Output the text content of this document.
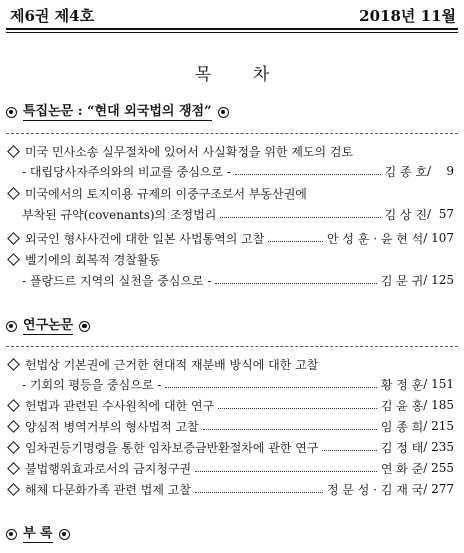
제6권 제4호	2018년 11월
목 차
특집논문 : “현대 외국법의 쟁점”
미국 민사소송 실무절차에 있어서 사실확정을 위한 제도의 검토
- 대립당사자주의와의 비교를 중심으로 -	김 종 호 / 9
미국에서의 토지이용 규제의 이중구조로서 부동산권에
부착된 규약(covenants)의 조정법리	김 상 진 / 57
외국인 형사사건에 대한 일본 사법통역의 고찰	안 성 훈 · 윤 현 석 / 107
벨기에의 회복적 경찰활동
- 플랑드르 지역의 실천을 중심으로 -	김 문 귀 / 125
연구논문
헌법상 기본권에 근거한 현대적 재분배 방식에 대한 고찰
- 기회의 평등을 중심으로 -	황 정 훈 / 151
헌법과 관련된 수사원칙에 대한 연구	김 윤 홍 / 185
양심적 병역거부의 형사법적 고찰	임 종 희 / 215
임차권등기명령을 통한 임차보증금반환절차에 관한 연구	김 정 태 / 235
불법행위효과로서의 금지청구권	연 화 준 / 255
해체 다문화가족 관련 법제 고찰	정 문 성 · 김 재 국 / 277
부 록
